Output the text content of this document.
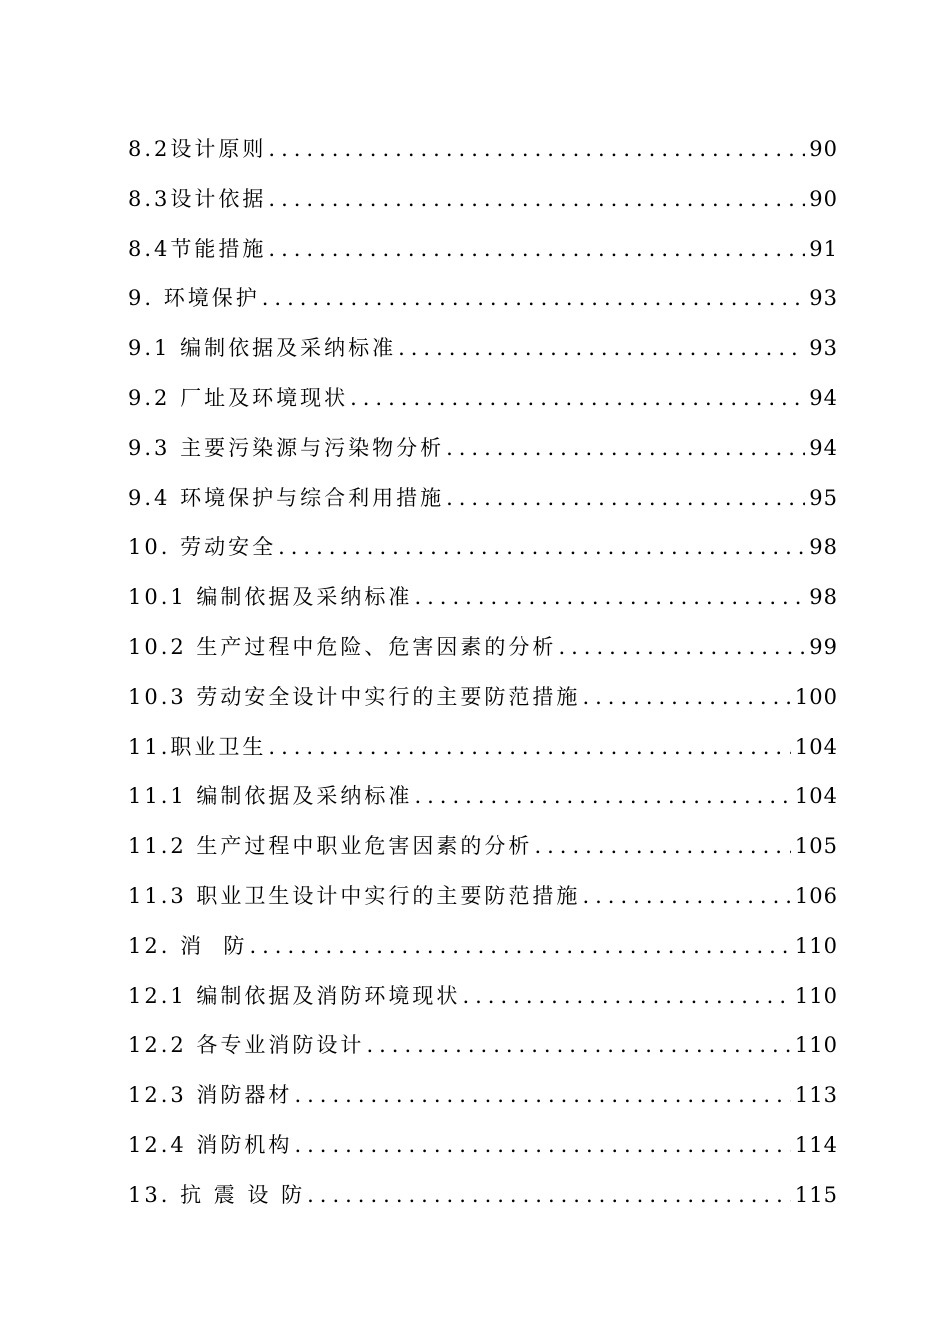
8.2设计原则 .....	90
8.3设计依据 .....	90
8.4节能措施 .....	91
9. 环境保护 .....	93
9.1 编制依据及采纳标准 .....	93
9.2 厂址及环境现状 .....	94
9.3 主要污染源与污染物分析 .....	94
9.4 环境保护与综合利用措施 .....	95
10. 劳动安全 .....	98
10.1 编制依据及采纳标准 .....	98
10.2 生产过程中危险、危害因素的分析 .....	99
10.3 劳动安全设计中实行的主要防范措施 .....	100
11.职业卫生 .....	104
11.1 编制依据及采纳标准 .....	104
11.2 生产过程中职业危害因素的分析 .....	105
11.3 职业卫生设计中实行的主要防范措施 .....	106
12. 消  防 .....	110
12.1 编制依据及消防环境现状 .....	110
12.2 各专业消防设计 .....	110
12.3 消防器材 .....	113
12.4 消防机构 .....	114
13. 抗 震 设 防 .....	115
